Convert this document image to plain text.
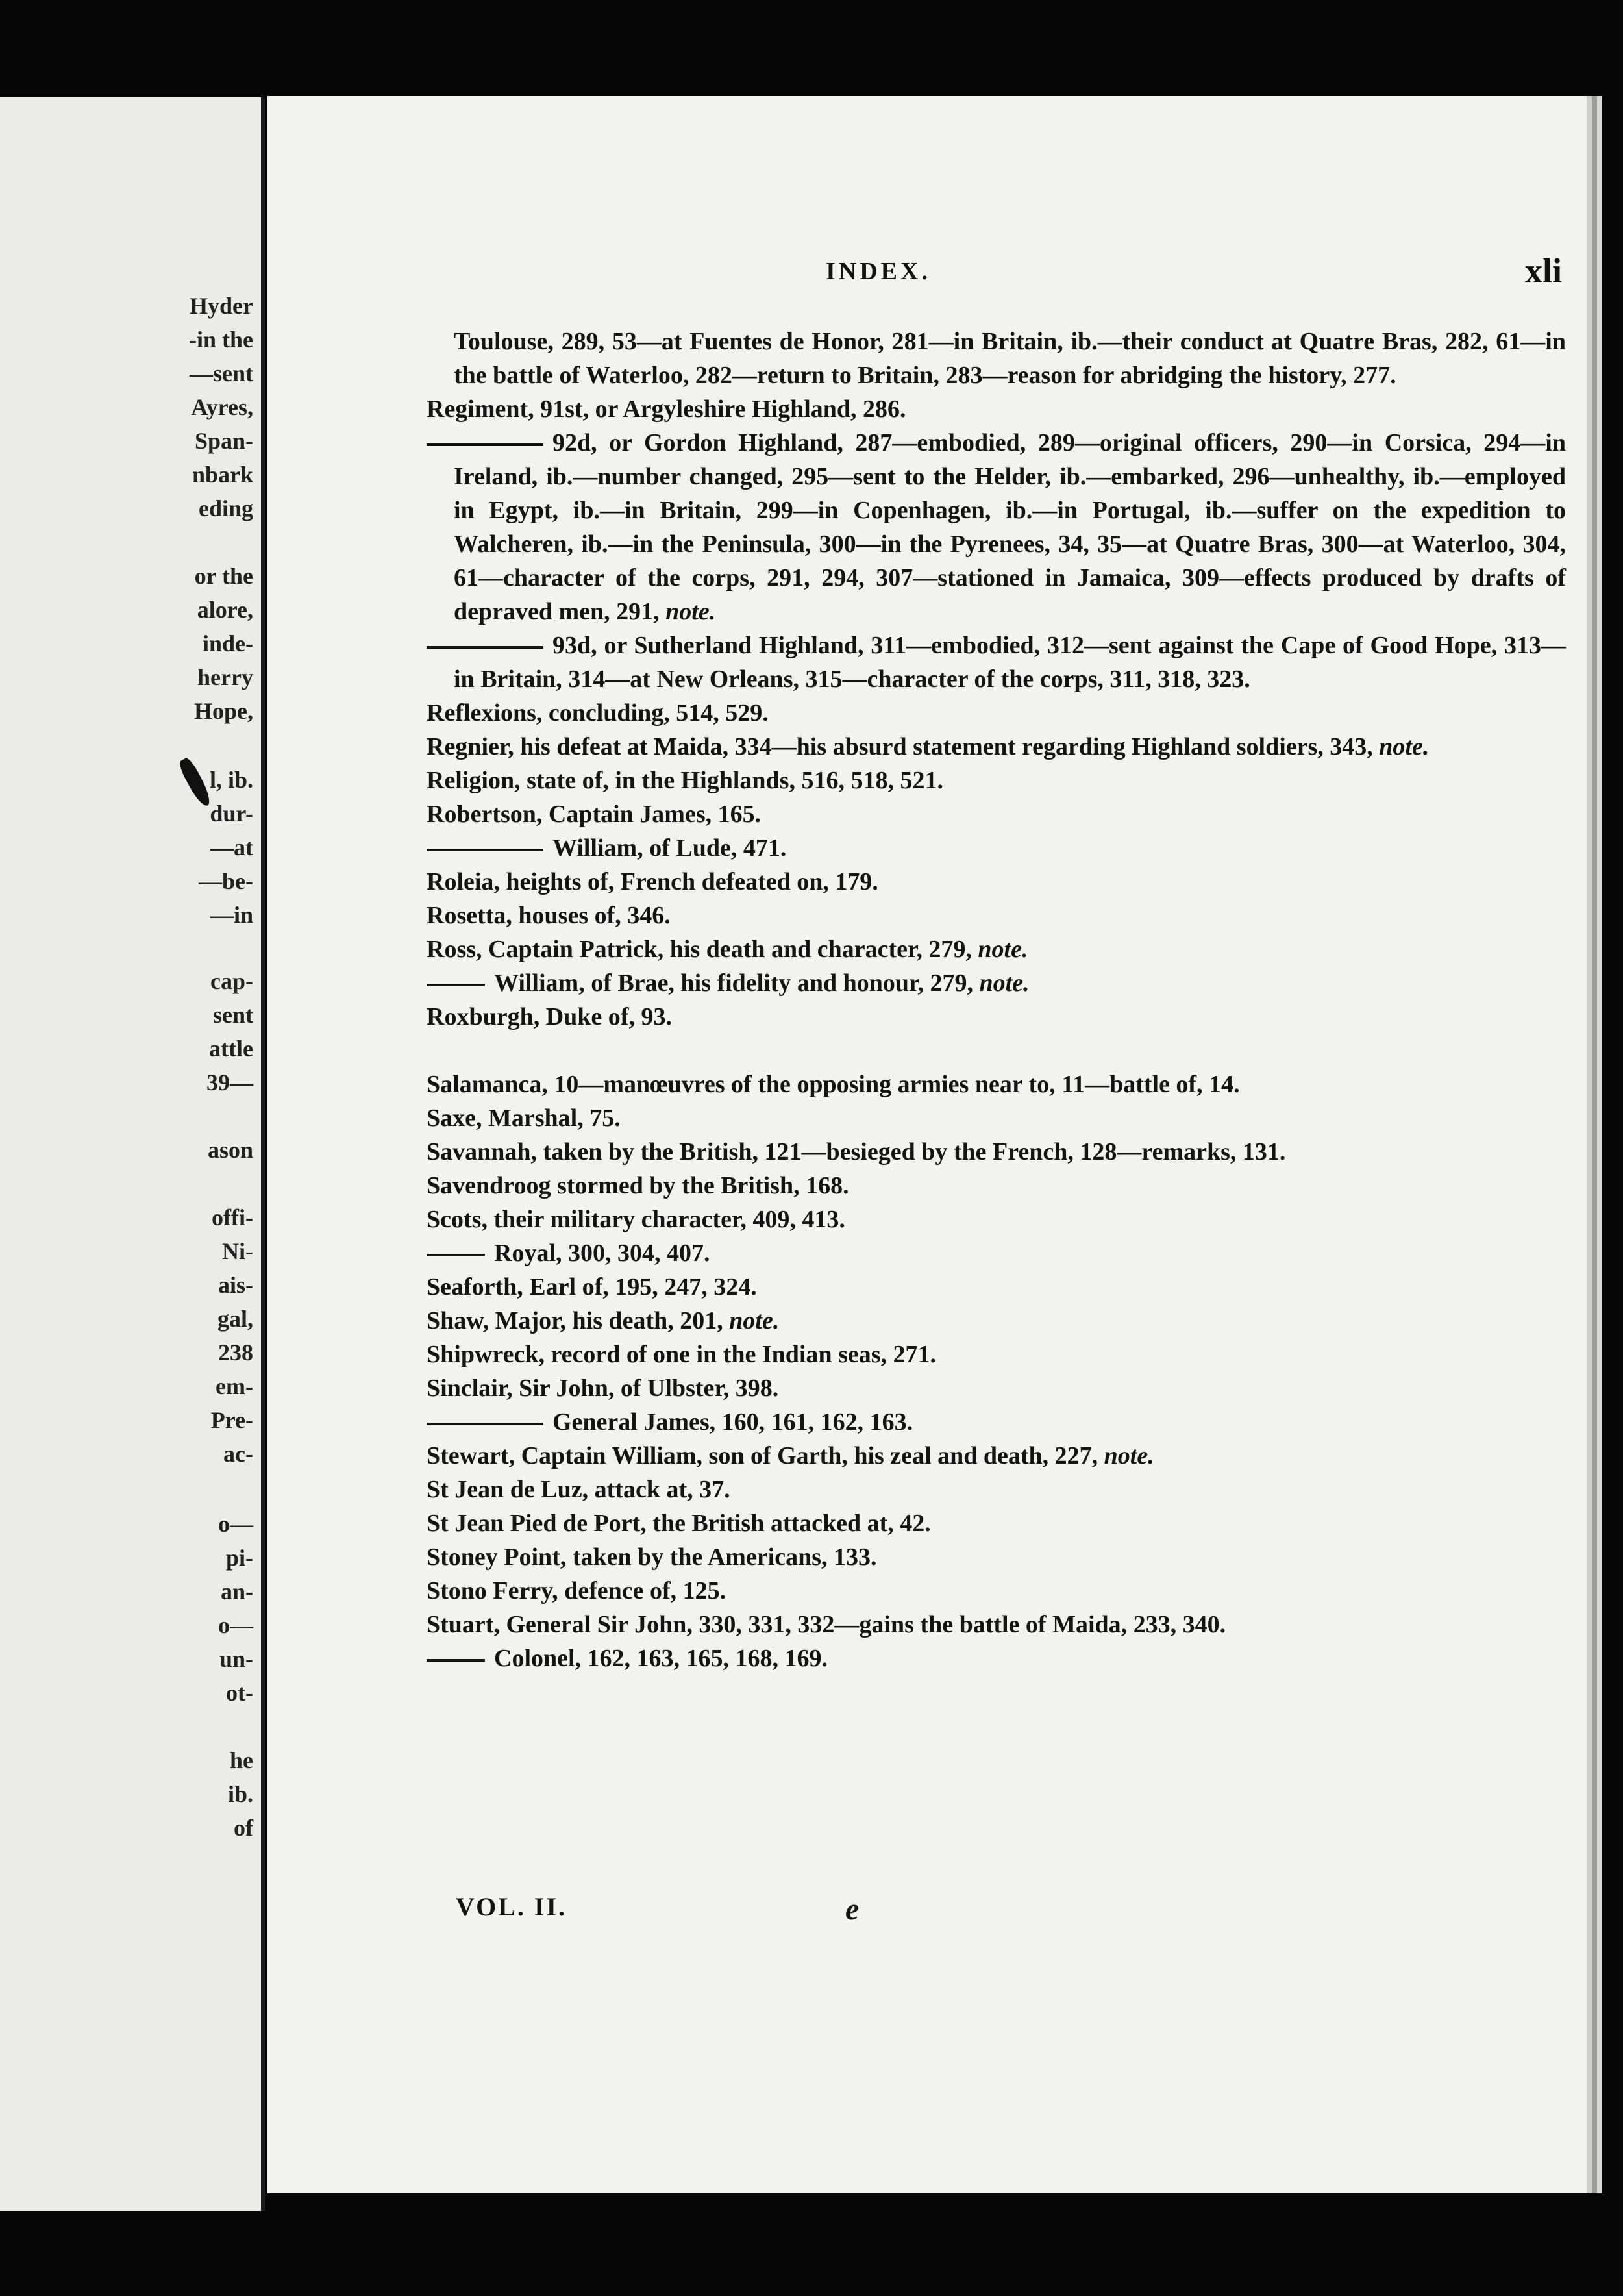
Hyder
-in the
—sent
Ayres,
Span-
nbark
eding
or the
alore,
inde-
herry
Hope,
l, ib.
dur-
—at
—be-
—in
cap-
sent
attle
39—
ason
offi-
Ni-
ais-
gal,
238
em-
Pre-
ac-
o—
pi-
an-
o—
un-
ot-
he
ib.
of
INDEX.	xli

Toulouse, 289, 53—at Fuentes de Honor, 281—in Britain, ib.—their conduct at Quatre Bras, 282, 61—in the battle of Waterloo, 282—return to Britain, 283—reason for abridging the history, 277.

Regiment, 91st, or Argyleshire Highland, 286.

92d, or Gordon Highland, 287—embodied, 289—original officers, 290—in Corsica, 294—in Ireland, ib.—number changed, 295—sent to the Helder, ib.—embarked, 296—unhealthy, ib.—employed in Egypt, ib.—in Britain, 299—in Copenhagen, ib.—in Portugal, ib.—suffer on the expedition to Walcheren, ib.—in the Peninsula, 300—in the Pyrenees, 34, 35—at Quatre Bras, 300—at Waterloo, 304, 61—character of the corps, 291, 294, 307—stationed in Jamaica, 309—effects produced by drafts of depraved men, 291, note.

93d, or Sutherland Highland, 311—embodied, 312—sent against the Cape of Good Hope, 313—in Britain, 314—at New Orleans, 315—character of the corps, 311, 318, 323.

Reflexions, concluding, 514, 529.

Regnier, his defeat at Maida, 334—his absurd statement regarding Highland soldiers, 343, note.

Religion, state of, in the Highlands, 516, 518, 521.

Robertson, Captain James, 165.

William, of Lude, 471.

Roleia, heights of, French defeated on, 179.

Rosetta, houses of, 346.

Ross, Captain Patrick, his death and character, 279, note.

William, of Brae, his fidelity and honour, 279, note.

Roxburgh, Duke of, 93.

Salamanca, 10—manœuvres of the opposing armies near to, 11—battle of, 14.

Saxe, Marshal, 75.

Savannah, taken by the British, 121—besieged by the French, 128—remarks, 131.

Savendroog stormed by the British, 168.

Scots, their military character, 409, 413.

Royal, 300, 304, 407.

Seaforth, Earl of, 195, 247, 324.

Shaw, Major, his death, 201, note.

Shipwreck, record of one in the Indian seas, 271.

Sinclair, Sir John, of Ulbster, 398.

General James, 160, 161, 162, 163.

Stewart, Captain William, son of Garth, his zeal and death, 227, note.

St Jean de Luz, attack at, 37.

St Jean Pied de Port, the British attacked at, 42.

Stoney Point, taken by the Americans, 133.

Stono Ferry, defence of, 125.

Stuart, General Sir John, 330, 331, 332—gains the battle of Maida, 233, 340.

Colonel, 162, 163, 165, 168, 169.

VOL. II.	e
